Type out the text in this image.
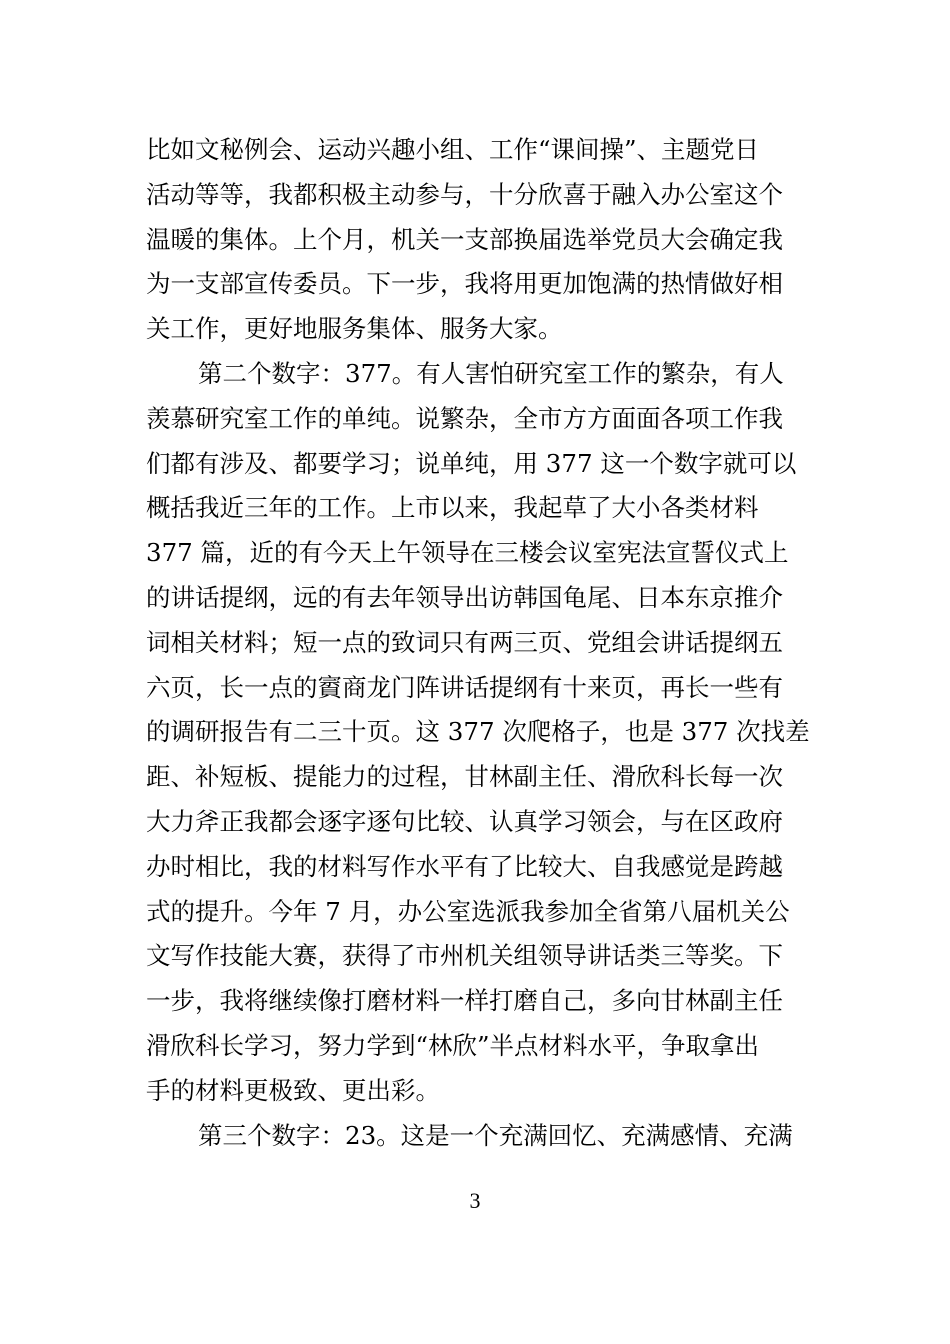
比如文秘例会、运动兴趣小组、工作“课间操”、主题党日
活动等等，我都积极主动参与，十分欣喜于融入办公室这个
温暖的集体。上个月，机关一支部换届选举党员大会确定我
为一支部宣传委员。下一步，我将用更加饱满的热情做好相
关工作，更好地服务集体、服务大家。
第二个数字：377。有人害怕研究室工作的繁杂，有人
羡慕研究室工作的单纯。说繁杂，全市方方面面各项工作我
们都有涉及、都要学习；说单纯，用 377 这一个数字就可以
概括我近三年的工作。上市以来，我起草了大小各类材料
377 篇，近的有今天上午领导在三楼会议室宪法宣誓仪式上
的讲话提纲，远的有去年领导出访韩国龟尾、日本东京推介
词相关材料；短一点的致词只有两三页、党组会讲话提纲五
六页，长一点的賨商龙门阵讲话提纲有十来页，再长一些有
的调研报告有二三十页。这 377 次爬格子，也是 377 次找差
距、补短板、提能力的过程，甘林副主任、滑欣科长每一次
大力斧正我都会逐字逐句比较、认真学习领会，与在区政府
办时相比，我的材料写作水平有了比较大、自我感觉是跨越
式的提升。今年 7 月，办公室选派我参加全省第八届机关公
文写作技能大赛，获得了市州机关组领导讲话类三等奖。下
一步，我将继续像打磨材料一样打磨自己，多向甘林副主任
滑欣科长学习，努力学到“林欣”半点材料水平，争取拿出
手的材料更极致、更出彩。
第三个数字：23。这是一个充满回忆、充满感情、充满
3
